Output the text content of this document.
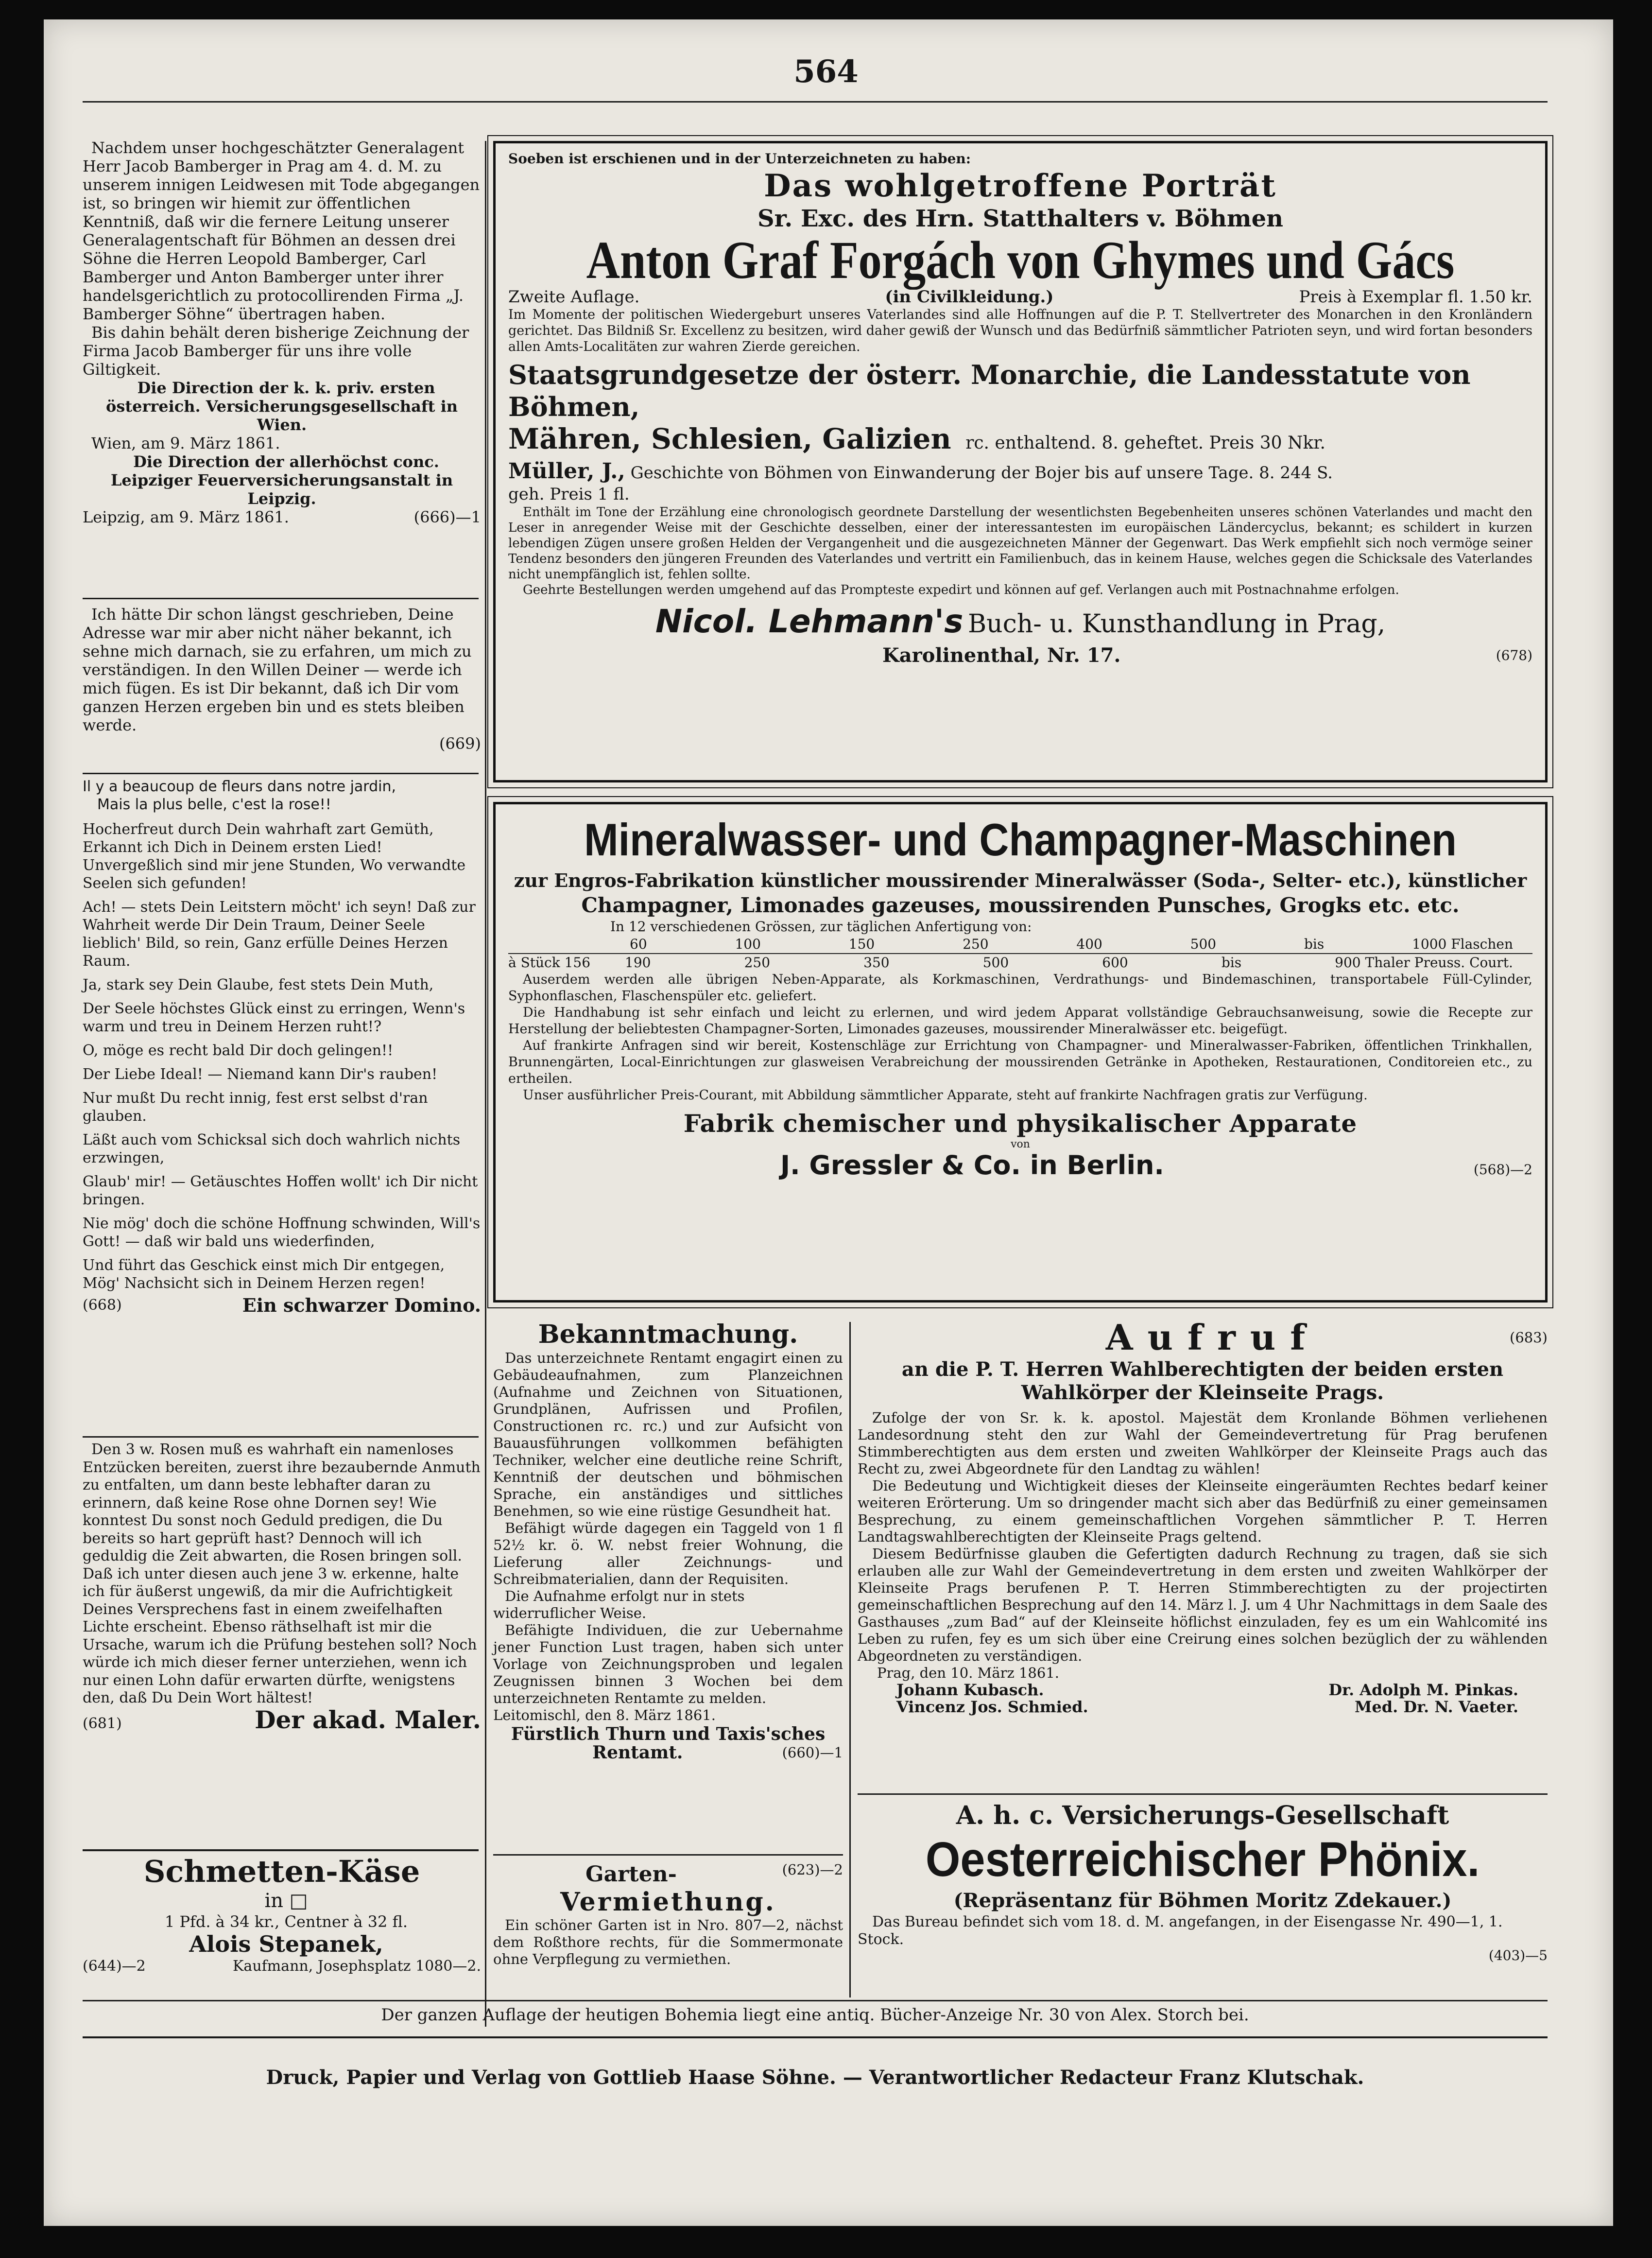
564

Nachdem unser hochgeschätzter Generalagent Herr Jacob Bamberger in Prag am 4. d. M. zu unserem innigen Leidwesen mit Tode abgegangen ist, so bringen wir hiemit zur öffentlichen Kenntniß, daß wir die fernere Leitung unserer Generalagentschaft für Böhmen an dessen drei Söhne die Herren Leopold Bamberger, Carl Bamberger und Anton Bamberger unter ihrer handelsgerichtlich zu protocollirenden Firma „J. Bamberger Söhne“ übertragen haben.

Bis dahin behält deren bisherige Zeichnung der Firma Jacob Bamberger für uns ihre volle Giltigkeit.

Die Direction der k. k. priv. ersten österreich. Versicherungsgesellschaft in Wien.

Wien, am 9. März 1861.

Die Direction der allerhöchst conc. Leipziger Feuerversicherungsanstalt in Leipzig.

Leipzig, am 9. März 1861.	(666)—1

Ich hätte Dir schon längst geschrieben, Deine Adresse war mir aber nicht näher bekannt, ich sehne mich darnach, sie zu erfahren, um mich zu verständigen. In den Willen Deiner — werde ich mich fügen. Es ist Dir bekannt, daß ich Dir vom ganzen Herzen ergeben bin und es stets bleiben werde.

(669)

Il y a beaucoup de fleurs dans notre jardin,

Mais la plus belle, c'est la rose!!

Hocherfreut durch Dein wahrhaft zart Gemüth, Erkannt ich Dich in Deinem ersten Lied! Unvergeßlich sind mir jene Stunden, Wo verwandte Seelen sich gefunden!

Ach! — stets Dein Leitstern möcht' ich seyn! Daß zur Wahrheit werde Dir Dein Traum, Deiner Seele lieblich' Bild, so rein, Ganz erfülle Deines Herzen Raum.

Ja, stark sey Dein Glaube, fest stets Dein Muth,

Der Seele höchstes Glück einst zu erringen, Wenn's warm und treu in Deinem Herzen ruht!?

O, möge es recht bald Dir doch gelingen!!

Der Liebe Ideal! — Niemand kann Dir's rauben!

Nur mußt Du recht innig, fest erst selbst d'ran glauben.

Läßt auch vom Schicksal sich doch wahrlich nichts erzwingen,

Glaub' mir! — Getäuschtes Hoffen wollt' ich Dir nicht bringen.

Nie mög' doch die schöne Hoffnung schwinden, Will's Gott! — daß wir bald uns wiederfinden,

Und führt das Geschick einst mich Dir entgegen, Mög' Nachsicht sich in Deinem Herzen regen!

(668)	Ein schwarzer Domino.

Den 3 w. Rosen muß es wahrhaft ein namenloses Entzücken bereiten, zuerst ihre bezaubernde Anmuth zu entfalten, um dann beste lebhafter daran zu erinnern, daß keine Rose ohne Dornen sey! Wie konntest Du sonst noch Geduld predigen, die Du bereits so hart geprüft hast? Dennoch will ich geduldig die Zeit abwarten, die Rosen bringen soll. Daß ich unter diesen auch jene 3 w. erkenne, halte ich für äußerst ungewiß, da mir die Aufrichtigkeit Deines Versprechens fast in einem zweifelhaften Lichte erscheint. Ebenso räthselhaft ist mir die Ursache, warum ich die Prüfung bestehen soll? Noch würde ich mich dieser ferner unterziehen, wenn ich nur einen Lohn dafür erwarten dürfte, wenigstens den, daß Du Dein Wort hältest!

(681)	Der akad. Maler.

Schmetten-Käse

in □

1 Pfd. à 34 kr., Centner à 32 fl.

Alois Stepanek,

(644)—2	Kaufmann, Josephsplatz 1080—2.

Soeben ist erschienen und in der Unterzeichneten zu haben:

Das wohlgetroffene Porträt

Sr. Exc. des Hrn. Statthalters v. Böhmen

Anton Graf Forgách von Ghymes und Gács

Zweite Auflage.	(in Civilkleidung.)	Preis à Exemplar fl. 1.50 kr.

Im Momente der politischen Wiedergeburt unseres Vaterlandes sind alle Hoffnungen auf die P. T. Stellvertreter des Monarchen in den Kronländern gerichtet. Das Bildniß Sr. Excellenz zu besitzen, wird daher gewiß der Wunsch und das Bedürfniß sämmtlicher Patrioten seyn, und wird fortan besonders allen Amts-Localitäten zur wahren Zierde gereichen.

Staatsgrundgesetze der österr. Monarchie, die Landesstatute von Böhmen,

Mähren, Schlesien, Galizien rc. enthaltend. 8. geheftet. Preis 30 Nkr.

Müller, J., Geschichte von Böhmen von Einwanderung der Bojer bis auf unsere Tage. 8. 244 S.

geh. Preis 1 fl.

Enthält im Tone der Erzählung eine chronologisch geordnete Darstellung der wesentlichsten Begebenheiten unseres schönen Vaterlandes und macht den Leser in anregender Weise mit der Geschichte desselben, einer der interessantesten im europäischen Ländercyclus, bekannt; es schildert in kurzen lebendigen Zügen unsere großen Helden der Vergangenheit und die ausgezeichneten Männer der Gegenwart. Das Werk empfiehlt sich noch vermöge seiner Tendenz besonders den jüngeren Freunden des Vaterlandes und vertritt ein Familienbuch, das in keinem Hause, welches gegen die Schicksale des Vaterlandes nicht unempfänglich ist, fehlen sollte.

Geehrte Bestellungen werden umgehend auf das Prompteste expedirt und können auf gef. Verlangen auch mit Postnachnahme erfolgen.

Nicol. Lehmann's Buch- u. Kunsthandlung in Prag,

Karolinenthal, Nr. 17.	(678)

Mineralwasser- und Champagner-Maschinen

zur Engros-Fabrikation künstlicher moussirender Mineralwässer (Soda-, Selter- etc.), künstlicher

Champagner, Limonades gazeuses, moussirenden Punsches, Grogks etc. etc.

In 12 verschiedenen Grössen, zur täglichen Anfertigung von:

60	100	150	250	400	500	bis	1000 Flaschen
à Stück 156	190	250	350	500	600	bis	900 Thaler Preuss. Court.

Auserdem werden alle übrigen Neben-Apparate, als Korkmaschinen, Verdrathungs- und Bindemaschinen, transportabele Füll-Cylinder, Syphonflaschen, Flaschenspüler etc. geliefert.

Die Handhabung ist sehr einfach und leicht zu erlernen, und wird jedem Apparat vollständige Gebrauchsanweisung, sowie die Recepte zur Herstellung der beliebtesten Champagner-Sorten, Limonades gazeuses, moussirender Mineralwässer etc. beigefügt.

Auf frankirte Anfragen sind wir bereit, Kostenschläge zur Errichtung von Champagner- und Mineralwasser-Fabriken, öffentlichen Trinkhallen, Brunnengärten, Local-Einrichtungen zur glasweisen Verabreichung der moussirenden Getränke in Apotheken, Restaurationen, Conditoreien etc., zu ertheilen.

Unser ausführlicher Preis-Courant, mit Abbildung sämmtlicher Apparate, steht auf frankirte Nachfragen gratis zur Verfügung.

Fabrik chemischer und physikalischer Apparate

von

J. Gressler & Co. in Berlin.	(568)—2

Bekanntmachung.

Das unterzeichnete Rentamt engagirt einen zu Gebäudeaufnahmen, zum Planzeichnen (Aufnahme und Zeichnen von Situationen, Grundplänen, Aufrissen und Profilen, Constructionen rc. rc.) und zur Aufsicht von Bauausführungen vollkommen befähigten Techniker, welcher eine deutliche reine Schrift, Kenntniß der deutschen und böhmischen Sprache, ein anständiges und sittliches Benehmen, so wie eine rüstige Gesundheit hat.

Befähigt würde dagegen ein Taggeld von 1 fl 52½ kr. ö. W. nebst freier Wohnung, die Lieferung aller Zeichnungs- und Schreibmaterialien, dann der Requisiten.

Die Aufnahme erfolgt nur in stets widerruflicher Weise.

Befähigte Individuen, die zur Uebernahme jener Function Lust tragen, haben sich unter Vorlage von Zeichnungsproben und legalen Zeugnissen binnen 3 Wochen bei dem unterzeichneten Rentamte zu melden.

Leitomischl, den 8. März 1861.

Fürstlich Thurn und Taxis'sches

Rentamt.	(660)—1
Garten-	(623)—2

Vermiethung.

Ein schöner Garten ist in Nro. 807—2, nächst dem Roßthore rechts, für die Sommermonate ohne Verpflegung zu vermiethen.

Aufruf	(683)

an die P. T. Herren Wahlberechtigten der beiden ersten

Wahlkörper der Kleinseite Prags.

Zufolge der von Sr. k. k. apostol. Majestät dem Kronlande Böhmen verliehenen Landesordnung steht den zur Wahl der Gemeindevertretung für Prag berufenen Stimmberechtigten aus dem ersten und zweiten Wahlkörper der Kleinseite Prags auch das Recht zu, zwei Abgeordnete für den Landtag zu wählen!

Die Bedeutung und Wichtigkeit dieses der Kleinseite eingeräumten Rechtes bedarf keiner weiteren Erörterung. Um so dringender macht sich aber das Bedürfniß zu einer gemeinsamen Besprechung, zu einem gemeinschaftlichen Vorgehen sämmtlicher P. T. Herren Landtagswahlberechtigten der Kleinseite Prags geltend.

Diesem Bedürfnisse glauben die Gefertigten dadurch Rechnung zu tragen, daß sie sich erlauben alle zur Wahl der Gemeindevertretung in dem ersten und zweiten Wahlkörper der Kleinseite Prags berufenen P. T. Herren Stimmberechtigten zu der projectirten gemeinschaftlichen Besprechung auf den 14. März l. J. um 4 Uhr Nachmittags in dem Saale des Gasthauses „zum Bad“ auf der Kleinseite höflichst einzuladen, fey es um ein Wahlcomité ins Leben zu rufen, fey es um sich über eine Creirung eines solchen bezüglich der zu wählenden Abgeordneten zu verständigen.

Prag, den 10. März 1861.

Johann Kubasch.	Dr. Adolph M. Pinkas.
Vincenz Jos. Schmied.	Med. Dr. N. Vaeter.

A. h. c. Versicherungs-Gesellschaft

Oesterreichischer Phönix.

(Repräsentanz für Böhmen Moritz Zdekauer.)

Das Bureau befindet sich vom 18. d. M. angefangen, in der Eisengasse Nr. 490—1, 1. Stock.

(403)—5

Der ganzen Auflage der heutigen Bohemia liegt eine antiq. Bücher-Anzeige Nr. 30 von Alex. Storch bei.
Druck, Papier und Verlag von Gottlieb Haase Söhne. — Verantwortlicher Redacteur Franz Klutschak.
